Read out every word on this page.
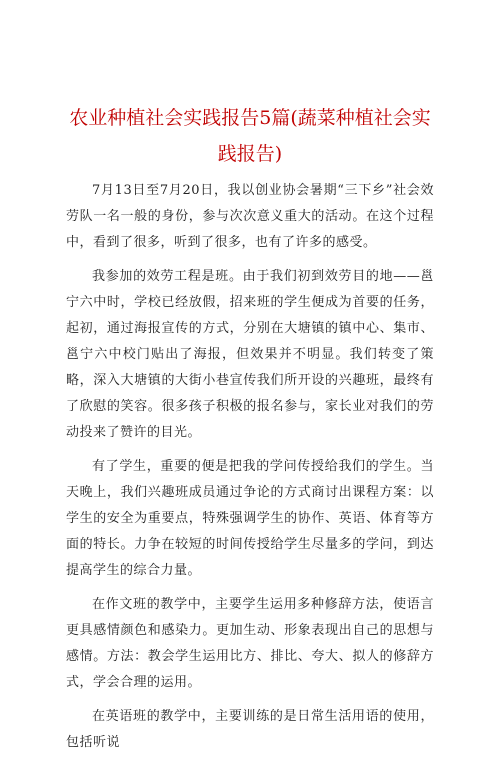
农业种植社会实践报告5篇(蔬菜种植社会实践报告)

7月13日至7月20日，我以创业协会暑期“三下乡”社会效劳队一名一般的身份，参与次次意义重大的活动。在这个过程中，看到了很多，听到了很多，也有了许多的感受。

我参加的效劳工程是班。由于我们初到效劳目的地——邕宁六中时，学校已经放假，招来班的学生便成为首要的任务，起初，通过海报宣传的方式，分别在大塘镇的镇中心、集市、邕宁六中校门贴出了海报，但效果并不明显。我们转变了策略，深入大塘镇的大街小巷宣传我们所开设的兴趣班，最终有了欣慰的笑容。很多孩子积极的报名参与，家长业对我们的劳动投来了赞许的目光。

有了学生，重要的便是把我的学问传授给我们的学生。当天晚上，我们兴趣班成员通过争论的方式商讨出课程方案：以学生的安全为重要点，特殊强调学生的协作、英语、体育等方面的特长。力争在较短的时间传授给学生尽量多的学问，到达提高学生的综合力量。

在作文班的教学中，主要学生运用多种修辞方法，使语言更具感情颜色和感染力。更加生动、形象表现出自己的思想与感情。方法：教会学生运用比方、排比、夸大、拟人的修辞方式，学会合理的运用。

在英语班的教学中，主要训练的是日常生活用语的使用，包括听说
